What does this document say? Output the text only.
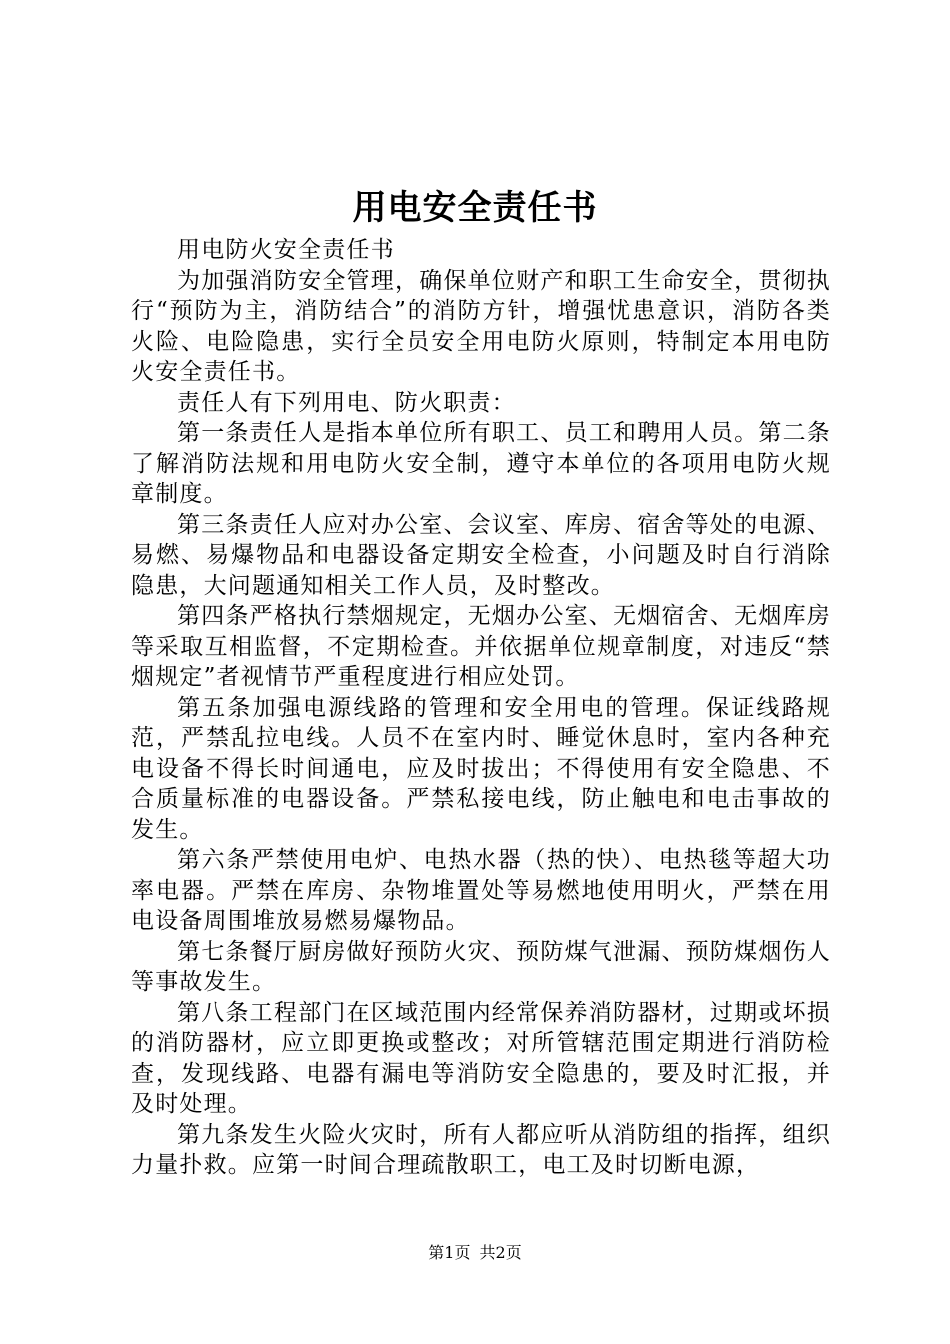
用电安全责任书

用电防火安全责任书

为加强消防安全管理，确保单位财产和职工生命安全，贯彻执行“预防为主，消防结合”的消防方针，增强忧患意识，消防各类火险、电险隐患，实行全员安全用电防火原则，特制定本用电防火安全责任书。

责任人有下列用电、防火职责：

第一条责任人是指本单位所有职工、员工和聘用人员。第二条了解消防法规和用电防火安全制，遵守本单位的各项用电防火规章制度。

第三条责任人应对办公室、会议室、库房、宿舍等处的电源、易燃、易爆物品和电器设备定期安全检查，小问题及时自行消除隐患，大问题通知相关工作人员，及时整改。

第四条严格执行禁烟规定，无烟办公室、无烟宿舍、无烟库房等采取互相监督，不定期检查。并依据单位规章制度，对违反“禁烟规定”者视情节严重程度进行相应处罚。

第五条加强电源线路的管理和安全用电的管理。保证线路规范，严禁乱拉电线。人员不在室内时、睡觉休息时，室内各种充电设备不得长时间通电，应及时拔出；不得使用有安全隐患、不合质量标准的电器设备。严禁私接电线，防止触电和电击事故的发生。

第六条严禁使用电炉、电热水器（热的快）、电热毯等超大功率电器。严禁在库房、杂物堆置处等易燃地使用明火，严禁在用电设备周围堆放易燃易爆物品。

第七条餐厅厨房做好预防火灾、预防煤气泄漏、预防煤烟伤人等事故发生。

第八条工程部门在区域范围内经常保养消防器材，过期或坏损的消防器材，应立即更换或整改；对所管辖范围定期进行消防检查，发现线路、电器有漏电等消防安全隐患的，要及时汇报，并及时处理。

第九条发生火险火灾时，所有人都应听从消防组的指挥，组织力量扑救。应第一时间合理疏散职工，电工及时切断电源，

第1页 共2页
